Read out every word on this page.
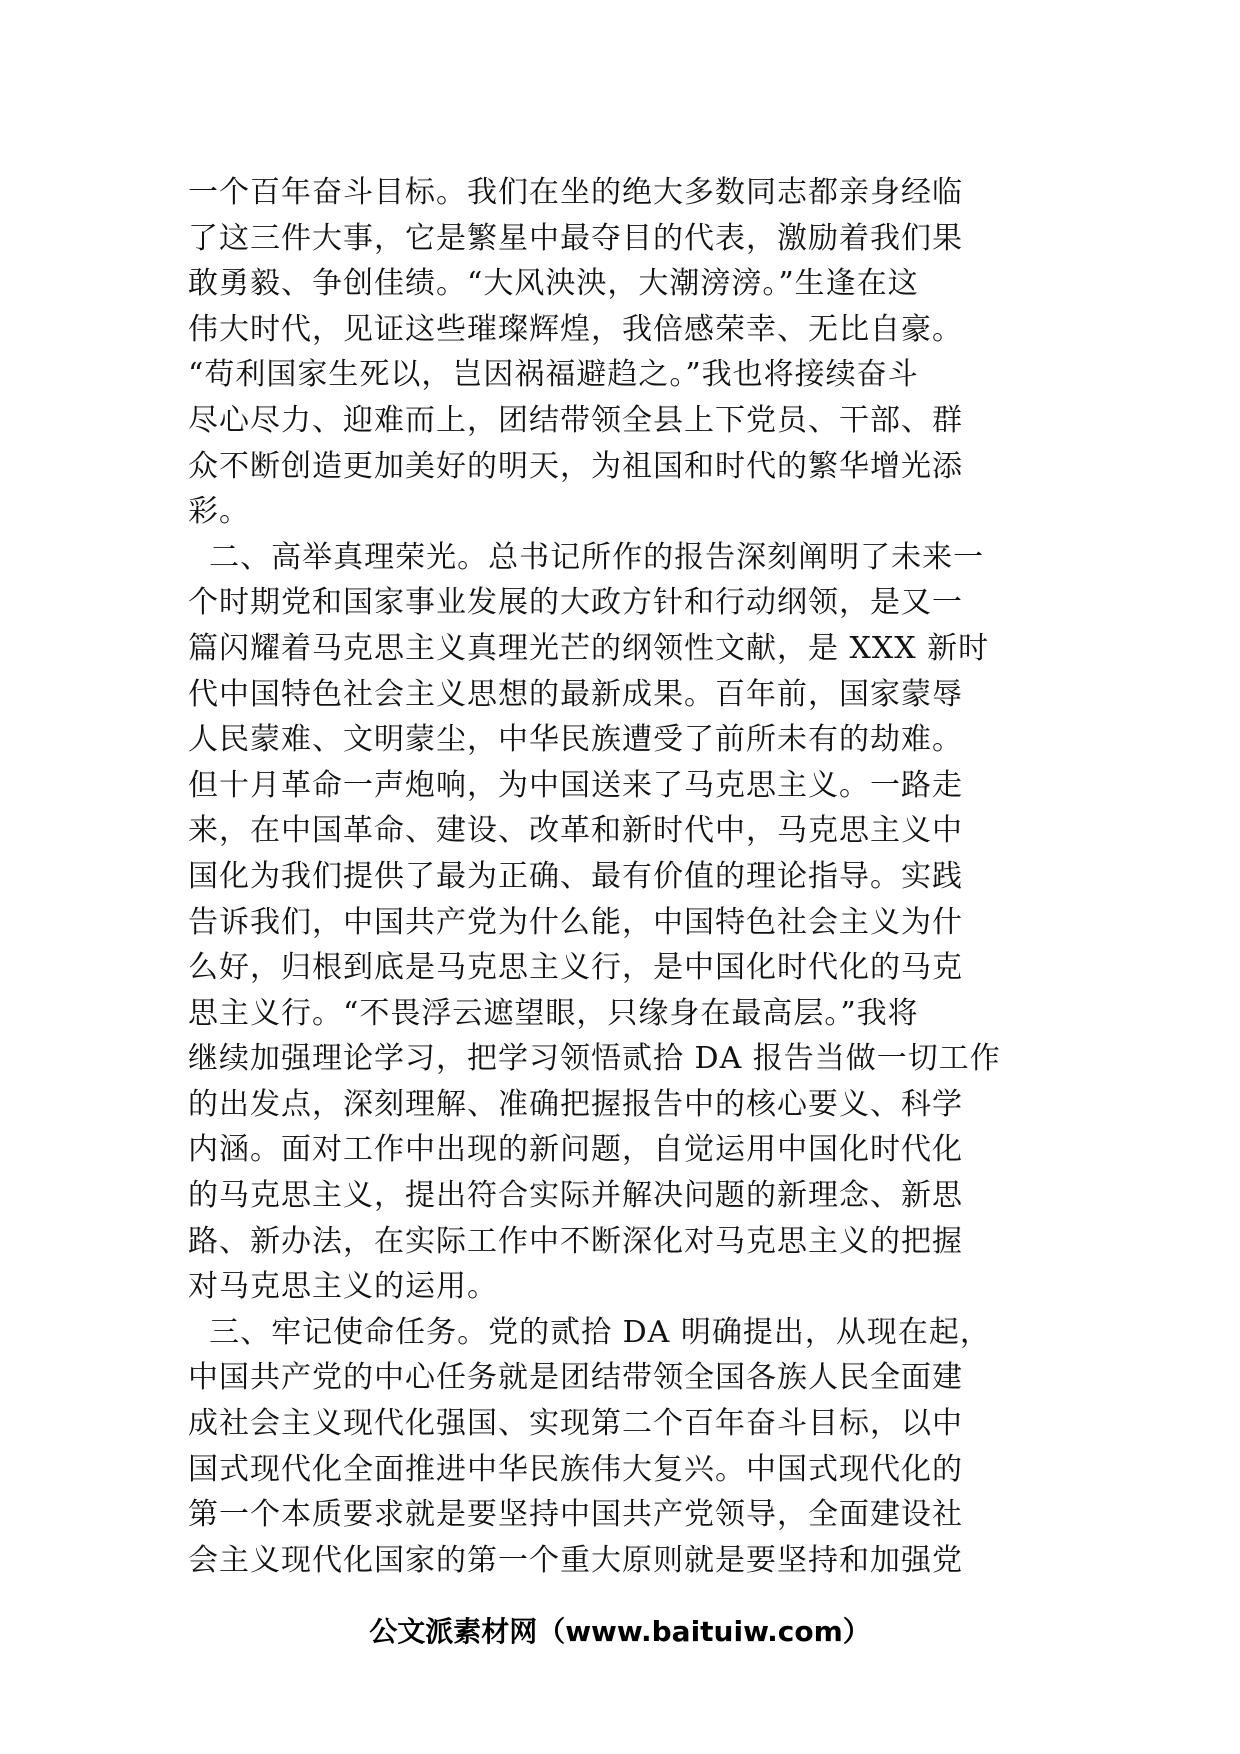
一个百年奋斗目标。我们在坐的绝大多数同志都亲身经临
了这三件大事，它是繁星中最夺目的代表，激励着我们果
敢勇毅、争创佳绩。“大风泱泱，大潮滂滂。”生逢在这
伟大时代，见证这些璀璨辉煌，我倍感荣幸、无比自豪。
“苟利国家生死以，岂因祸福避趋之。”我也将接续奋斗
尽心尽力、迎难而上，团结带领全县上下党员、干部、群
众不断创造更加美好的明天，为祖国和时代的繁华增光添
彩。
二、高举真理荣光。总书记所作的报告深刻阐明了未来一
个时期党和国家事业发展的大政方针和行动纲领，是又一
篇闪耀着马克思主义真理光芒的纲领性文献，是 XXX 新时
代中国特色社会主义思想的最新成果。百年前，国家蒙辱
人民蒙难、文明蒙尘，中华民族遭受了前所未有的劫难。
但十月革命一声炮响，为中国送来了马克思主义。一路走
来，在中国革命、建设、改革和新时代中，马克思主义中
国化为我们提供了最为正确、最有价值的理论指导。实践
告诉我们，中国共产党为什么能，中国特色社会主义为什
么好，归根到底是马克思主义行，是中国化时代化的马克
思主义行。“不畏浮云遮望眼，只缘身在最高层。”我将
继续加强理论学习，把学习领悟贰拾 DA 报告当做一切工作
的出发点，深刻理解、准确把握报告中的核心要义、科学
内涵。面对工作中出现的新问题，自觉运用中国化时代化
的马克思主义，提出符合实际并解决问题的新理念、新思
路、新办法，在实际工作中不断深化对马克思主义的把握
对马克思主义的运用。
三、牢记使命任务。党的贰拾 DA 明确提出，从现在起，
中国共产党的中心任务就是团结带领全国各族人民全面建
成社会主义现代化强国、实现第二个百年奋斗目标，以中
国式现代化全面推进中华民族伟大复兴。中国式现代化的
第一个本质要求就是要坚持中国共产党领导，全面建设社
会主义现代化国家的第一个重大原则就是要坚持和加强党
公文派素材网（www.baituiw.com）
